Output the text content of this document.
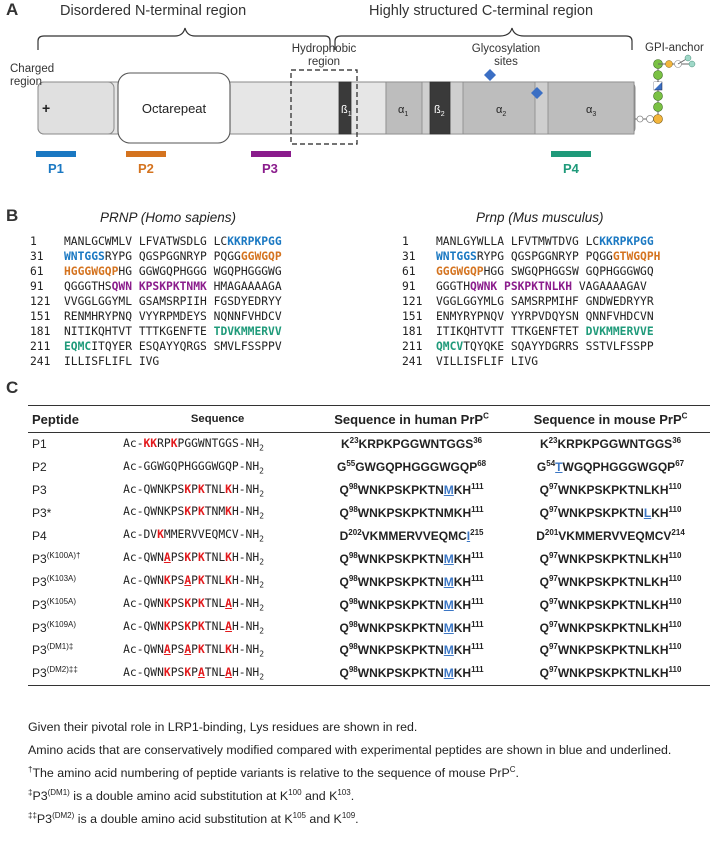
A	Disordered N-terminal region	Highly structured C-terminal region
+	Octarepeat	$ß_1$	$\alpha_1$ $ß_2$	$\alpha_2$	$\alpha_3$
Charged
region
Hydrophobic
region
Glycosylation
sites
GPI-anchor
P1	P2	P3	P4
B	PRNP (Homo sapiens)	Prnp (Mus musculus)
1 MANLGCWMLV LFVATWSDLG LCKKRPKPGG
31 WNTGGSRYPG QGSPGGNRYP PQGGGGWGQP
61 HGGGWGQPHG GGWGQPHGGG WGQPHGGGWG
91 QGGGTHSQWN KPSKPKTNMK HMAGAAAAGA
121 VVGGLGGYML GSAMSRPIIH FGSDYEDRYY
151 RENMHRYPNQ VYYRPMDEYS NQNNFVHDCV
181 NITIKQHTVT TTTKGENFTE TDVKMMERVV
211 EQMCITQYER ESQAYYQRGS SMVLFSSPPV
241 ILLISFLIFL IVG
1 MANLGYWLLA LFVTMWTDVG LCKKRPKPGG
31 WNTGGSRYPG QGSPGGNRYP PQGGGTWGQPH
61 GGGWGQPHGG SWGQPHGGSW GQPHGGGWGQ
91 GGGTHQWNK PSKPKTNLKH VAGAAAAGAV
121 VGGLGGYMLG SAMSRPMIHF GNDWEDRYYR
151 ENMYRYPNQV YYRPVDQYSN QNNFVHDCVN
181 ITIKQHTVTT TTKGENFTET DVKMMERVVE
211 QMCVTQYQKE SQAYYDGRRS SSTVLFSSPP
241 VILLISFLIF LIVG
C
Peptide	Sequence	Sequence in human PrP$^C$	Sequence in mouse PrP$^C$
P1	$Ac-KKRPKPGGWNTGGS-NH_2$	$K^{23}KRPKPGGWNTGGS^{36}$	$K^{23}KRPKPGGWNTGGS^{36}$
P2	$Ac-GGWGQPHGGGWGQP-NH_2$	$G^{55}GWGQPHGGGWGQP^{68}$	$G^{54}TWGQPHGGGWGQP^{67}$
P3	$Ac-QWNKPSKPKTNLKH-NH_2$	$Q^{98}WNKPSKPKTNMKH^{111}$	$Q^{97}WNKPSKPKTNLKH^{110}$
P3*	$Ac-QWNKPSKPKTNMKH-NH_2$	$Q^{98}WNKPSKPKTNMKH^{111}$	$Q^{97}WNKPSKPKTNLKH^{110}$
P4	$Ac-DVKMMERVVEQMCV-NH_2$	$D^{202}VKMMERVVEQMCI^{215}$	$D^{201}VKMMERVVEQMCV^{214}$
$P3^{(K100A)\dagger}$	$Ac-QWNAPSKPKTNLKH-NH_2$	$Q^{98}WNKPSKPKTNMKH^{111}$	$Q^{97}WNKPSKPKTNLKH^{110}$
$P3^{(K103A)}$	$Ac-QWNKPSAPKTNLKH-NH_2$	$Q^{98}WNKPSKPKTNMKH^{111}$	$Q^{97}WNKPSKPKTNLKH^{110}$
$P3^{(K105A)}$	$Ac-QWNKPSKPKTNLAH-NH_2$	$Q^{98}WNKPSKPKTNMKH^{111}$	$Q^{97}WNKPSKPKTNLKH^{110}$
$P3^{(K109A)}$	$Ac-QWNKPSKPKTNLAH-NH_2$	$Q^{98}WNKPSKPKTNMKH^{111}$	$Q^{97}WNKPSKPKTNLKH^{110}$
$P3^{(DM1)\ddagger}$	$Ac-QWNAPSAPKTNLKH-NH_2$	$Q^{98}WNKPSKPKTNMKH^{111}$	$Q^{97}WNKPSKPKTNLKH^{110}$
$P3^{(DM2)\ddagger\ddagger}$	$Ac-QWNKPSKPATNLAH-NH_2$	$Q^{98}WNKPSKPKTNMKH^{111}$	$Q^{97}WNKPSKPKTNLKH^{110}$
Given their pivotal role in LRP1-binding, Lys residues are shown in red.
Amino acids that are conservatively modified compared with experimental peptides are shown in blue and underlined.
†The amino acid numbering of peptide variants is relative to the sequence of mouse PrP$^C$.
$^\ddagger P3^{(DM1)}$ is a double amino acid substitution at $K^{100}$ and $K^{103}$.
$^{\ddagger\ddagger}P3^{(DM2)}$ is a double amino acid substitution at $K^{105}$ and $K^{109}$.
